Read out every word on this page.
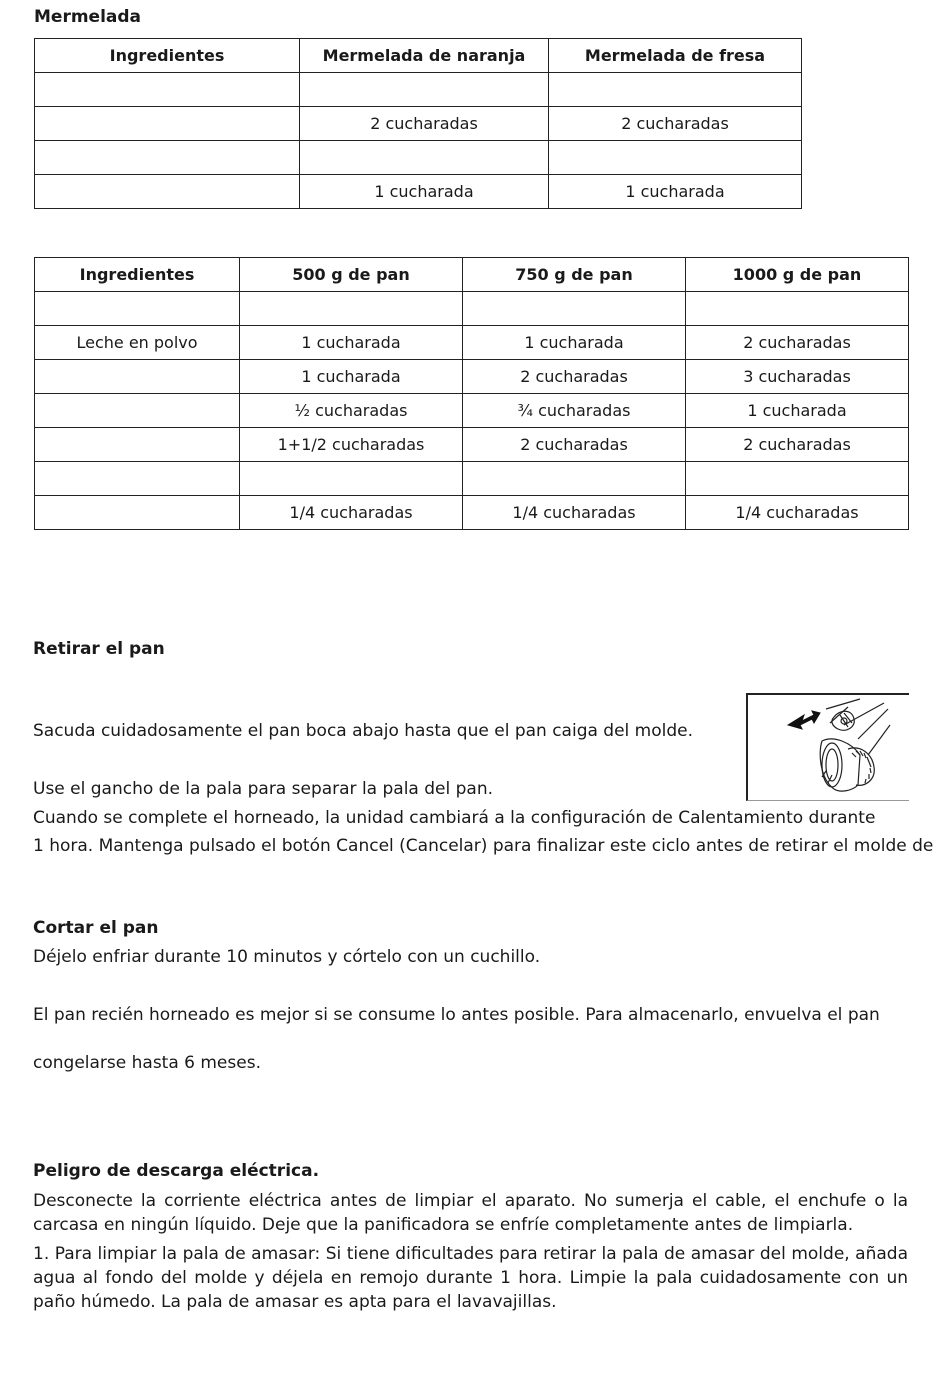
Mermelada
Ingredientes	Mermelada de naranja	Mermelada de fresa

	2 cucharadas	2 cucharadas

	1 cucharada	1 cucharada
Ingredientes	500 g de pan	750 g de pan	1000 g de pan

Leche en polvo	1 cucharada	1 cucharada	2 cucharadas
	1 cucharada	2 cucharadas	3 cucharadas
	½ cucharadas	¾ cucharadas	1 cucharada
	1+1/2 cucharadas	2 cucharadas	2 cucharadas

	1/4 cucharadas	1/4 cucharadas	1/4 cucharadas
Retirar el pan
Sacuda cuidadosamente el pan boca abajo hasta que el pan caiga del molde.
Use el gancho de la pala para separar la pala del pan.
Cuando se complete el horneado, la unidad cambiará a la configuración de Calentamiento durante
1 hora. Mantenga pulsado el botón Cancel (Cancelar) para finalizar este ciclo antes de retirar el molde de
Cortar el pan
Déjelo enfriar durante 10 minutos y córtelo con un cuchillo.
El pan recién horneado es mejor si se consume lo antes posible. Para almacenarlo, envuelva el pan
congelarse hasta 6 meses.
Peligro de descarga eléctrica.
Desconecte la corriente eléctrica antes de limpiar el aparato. No sumerja el cable, el enchufe o la carcasa en ningún líquido. Deje que la panificadora se enfríe completamente antes de limpiarla.
1. Para limpiar la pala de amasar: Si tiene dificultades para retirar la pala de amasar del molde, añada agua al fondo del molde y déjela en remojo durante 1 hora. Limpie la pala cuidadosamente con un paño húmedo. La pala de amasar es apta para el lavavajillas.
